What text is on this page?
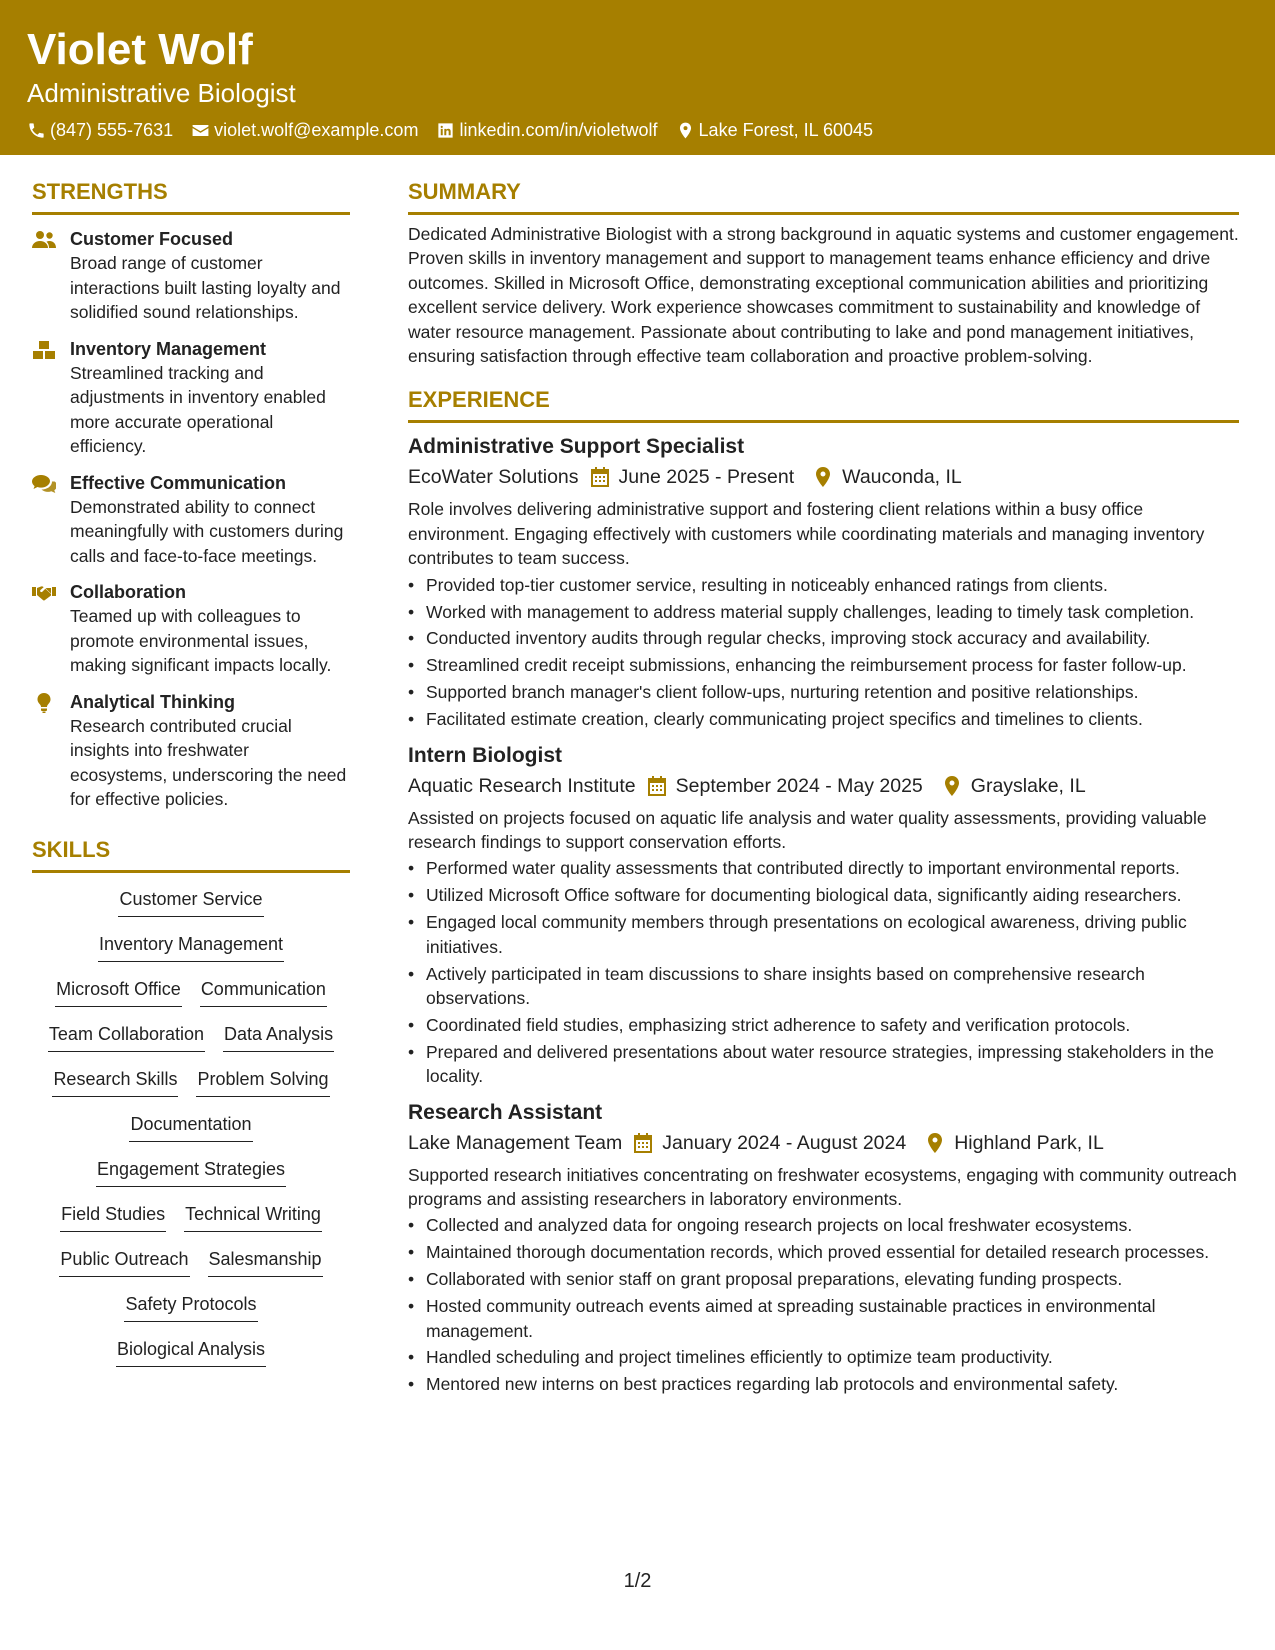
Violet Wolf
Administrative Biologist
(847) 555-7631 violet.wolf@example.com linkedin.com/in/violetwolf Lake Forest, IL 60045
STRENGTHS
Customer Focused
Broad range of customer interactions built lasting loyalty and solidified sound relationships.
Inventory Management
Streamlined tracking and adjustments in inventory enabled more accurate operational efficiency.
Effective Communication
Demonstrated ability to connect meaningfully with customers during calls and face-to-face meetings.
Collaboration
Teamed up with colleagues to promote environmental issues, making significant impacts locally.
Analytical Thinking
Research contributed crucial insights into freshwater ecosystems, underscoring the need for effective policies.
SKILLS
Customer Service
Inventory Management
Microsoft Office Communication
Team Collaboration Data Analysis
Research Skills Problem Solving
Documentation
Engagement Strategies
Field Studies Technical Writing
Public Outreach Salesmanship
Safety Protocols
Biological Analysis
SUMMARY
Dedicated Administrative Biologist with a strong background in aquatic systems and customer engagement. Proven skills in inventory management and support to management teams enhance efficiency and drive outcomes. Skilled in Microsoft Office, demonstrating exceptional communication abilities and prioritizing excellent service delivery. Work experience showcases commitment to sustainability and knowledge of water resource management. Passionate about contributing to lake and pond management initiatives, ensuring satisfaction through effective team collaboration and proactive problem-solving.
EXPERIENCE
Administrative Support Specialist
EcoWater Solutions June 2025 - Present Wauconda, IL
Role involves delivering administrative support and fostering client relations within a busy office environment. Engaging effectively with customers while coordinating materials and managing inventory contributes to team success.
• Provided top-tier customer service, resulting in noticeably enhanced ratings from clients.
• Worked with management to address material supply challenges, leading to timely task completion.
• Conducted inventory audits through regular checks, improving stock accuracy and availability.
• Streamlined credit receipt submissions, enhancing the reimbursement process for faster follow-up.
• Supported branch manager's client follow-ups, nurturing retention and positive relationships.
• Facilitated estimate creation, clearly communicating project specifics and timelines to clients.
Intern Biologist
Aquatic Research Institute September 2024 - May 2025 Grayslake, IL
Assisted on projects focused on aquatic life analysis and water quality assessments, providing valuable research findings to support conservation efforts.
• Performed water quality assessments that contributed directly to important environmental reports.
• Utilized Microsoft Office software for documenting biological data, significantly aiding researchers.
• Engaged local community members through presentations on ecological awareness, driving public initiatives.
• Actively participated in team discussions to share insights based on comprehensive research observations.
• Coordinated field studies, emphasizing strict adherence to safety and verification protocols.
• Prepared and delivered presentations about water resource strategies, impressing stakeholders in the locality.
Research Assistant
Lake Management Team January 2024 - August 2024 Highland Park, IL
Supported research initiatives concentrating on freshwater ecosystems, engaging with community outreach programs and assisting researchers in laboratory environments.
• Collected and analyzed data for ongoing research projects on local freshwater ecosystems.
• Maintained thorough documentation records, which proved essential for detailed research processes.
• Collaborated with senior staff on grant proposal preparations, elevating funding prospects.
• Hosted community outreach events aimed at spreading sustainable practices in environmental management.
• Handled scheduling and project timelines efficiently to optimize team productivity.
• Mentored new interns on best practices regarding lab protocols and environmental safety.
1/2
